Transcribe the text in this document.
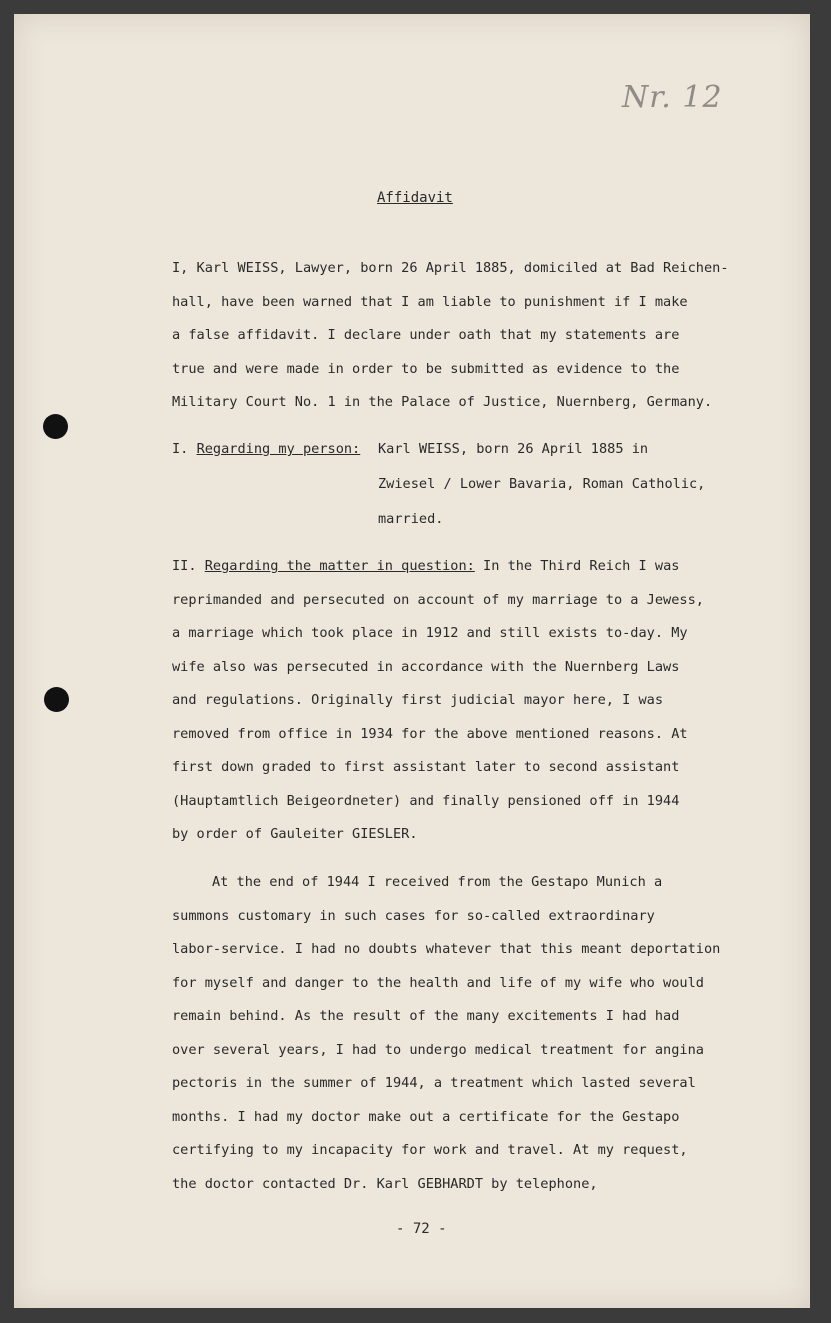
Nr. 12
Affidavit

I, Karl WEISS, Lawyer, born 26 April 1885, domiciled at Bad Reichen-

hall, have been warned that I am liable to punishment if I make

a false affidavit. I declare under oath that my statements are

true and were made in order to be submitted as evidence to the

Military Court No. 1 in the Palace of Justice, Nuernberg, Germany.

I. Regarding my person: Karl WEISS, born 26 April 1885 in

Zwiesel / Lower Bavaria, Roman Catholic,

married.

II. Regarding the matter in question: In the Third Reich I was

reprimanded and persecuted on account of my marriage to a Jewess,

a marriage which took place in 1912 and still exists to-day. My

wife also was persecuted in accordance with the Nuernberg Laws

and regulations. Originally first judicial mayor here, I was

removed from office in 1934 for the above mentioned reasons. At

first down graded to first assistant later to second assistant

(Hauptamtlich Beigeordneter) and finally pensioned off in 1944

by order of Gauleiter GIESLER.

At the end of 1944 I received from the Gestapo Munich a

summons customary in such cases for so-called extraordinary

labor-service. I had no doubts whatever that this meant deportation

for myself and danger to the health and life of my wife who would

remain behind. As the result of the many excitements I had had

over several years, I had to undergo medical treatment for angina

pectoris in the summer of 1944, a treatment which lasted several

months. I had my doctor make out a certificate for the Gestapo

certifying to my incapacity for work and travel. At my request,

the doctor contacted Dr. Karl GEBHARDT by telephone,

- 72 -
